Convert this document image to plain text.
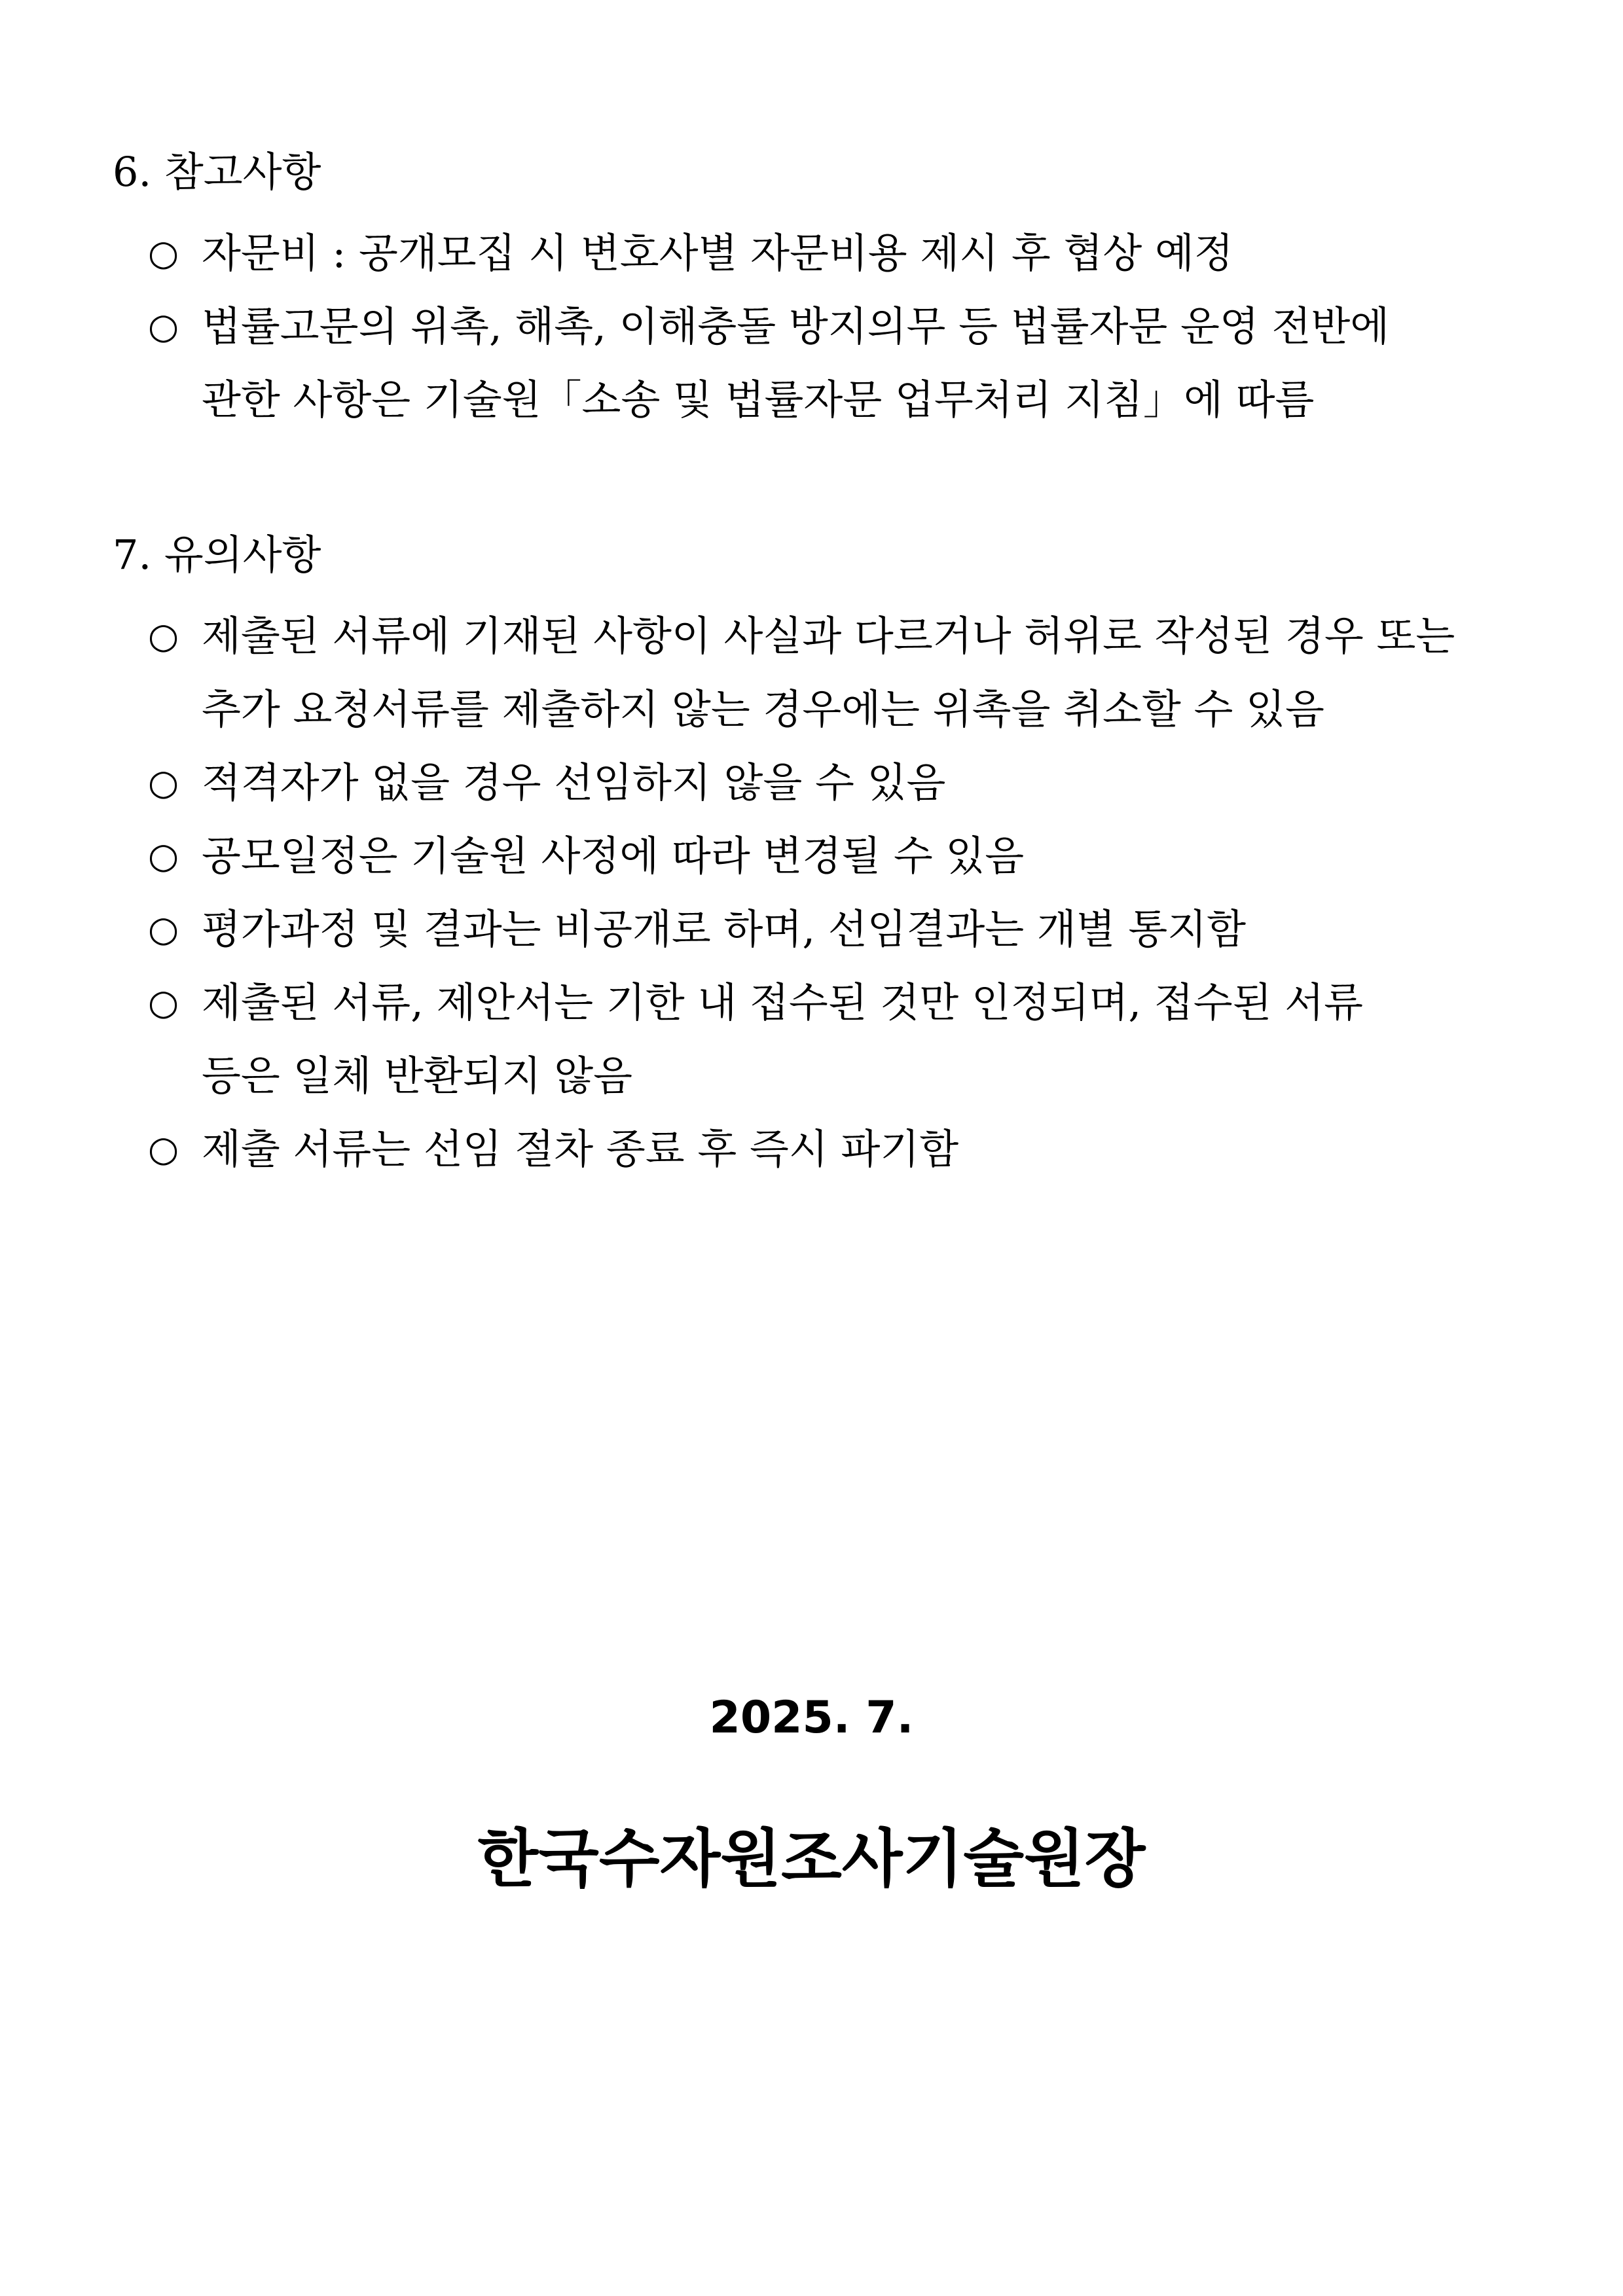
6. 참고사항
○ 자문비 : 공개모집 시 변호사별 자문비용 제시 후 협상 예정
○ 법률고문의 위촉, 해촉, 이해충돌 방지의무 등 법률자문 운영 전반에
관한 사항은 기술원「소송 및 법률자문 업무처리 지침」에 따름
7. 유의사항
○ 제출된 서류에 기재된 사항이 사실과 다르거나 허위로 작성된 경우 또는
추가 요청서류를 제출하지 않는 경우에는 위촉을 취소할 수 있음
○ 적격자가 없을 경우 선임하지 않을 수 있음
○ 공모일정은 기술원 사정에 따라 변경될 수 있음
○ 평가과정 및 결과는 비공개로 하며, 선임결과는 개별 통지함
○ 제출된 서류, 제안서는 기한 내 접수된 것만 인정되며, 접수된 서류
등은 일체 반환되지 않음
○ 제출 서류는 선임 절차 종료 후 즉시 파기함
2025. 7.
한국수자원조사기술원장
